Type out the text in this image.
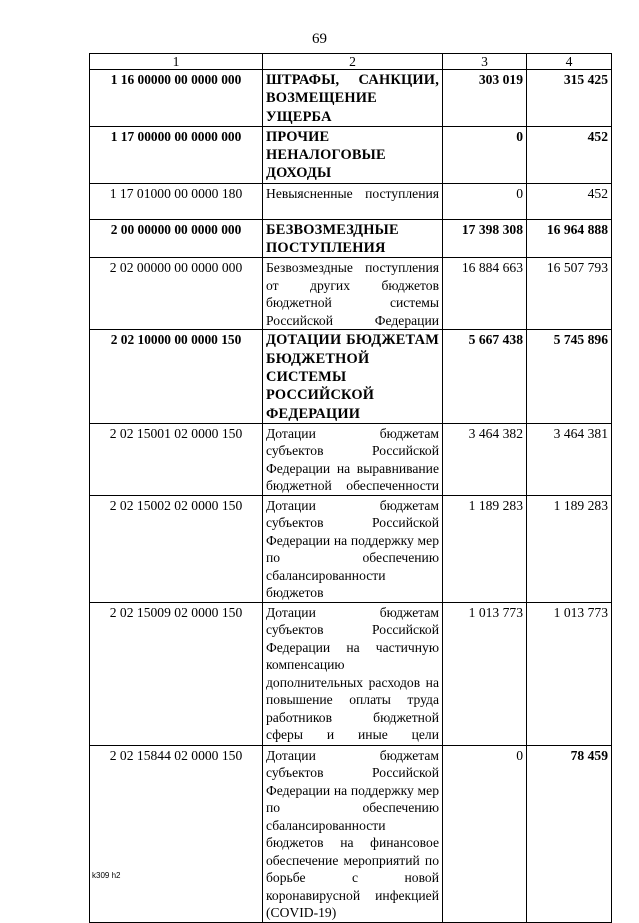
69
1	2	3	4
1 16 00000 00 0000 000	ШТРАФЫ, САНКЦИИ, ВОЗМЕЩЕНИЕ УЩЕРБА	303 019	315 425
1 17 00000 00 0000 000	ПРОЧИЕ НЕНАЛОГОВЫЕ ДОХОДЫ	0	452
1 17 01000 00 0000 180	Невыясненные поступления	0	452
2 00 00000 00 0000 000	БЕЗВОЗМЕЗДНЫЕ ПОСТУПЛЕНИЯ	17 398 308	16 964 888
2 02 00000 00 0000 000	Безвозмездные поступления от других бюджетов бюджетной системы Российской Федерации	16 884 663	16 507 793
2 02 10000 00 0000 150	ДОТАЦИИ БЮДЖЕТАМ БЮДЖЕТНОЙ СИСТЕМЫ РОССИЙСКОЙ ФЕДЕРАЦИИ	5 667 438	5 745 896
2 02 15001 02 0000 150	Дотации бюджетам субъектов Российской Федерации на выравнивание бюджетной обеспеченности	3 464 382	3 464 381
2 02 15002 02 0000 150	Дотации бюджетам субъектов Российской Федерации на поддержку мер по обеспечению сбалансированности бюджетов	1 189 283	1 189 283
2 02 15009 02 0000 150	Дотации бюджетам субъектов Российской Федерации на частичную компенсацию дополнительных расходов на повышение оплаты труда работников бюджетной сферы и иные цели	1 013 773	1 013 773
2 02 15844 02 0000 150	Дотации бюджетам субъектов Российской Федерации на поддержку мер по обеспечению сбалансированности бюджетов на финансовое обеспечение мероприятий по борьбе с новой коронавирусной инфекцией (COVID-19)	0	78 459
k309 h2
